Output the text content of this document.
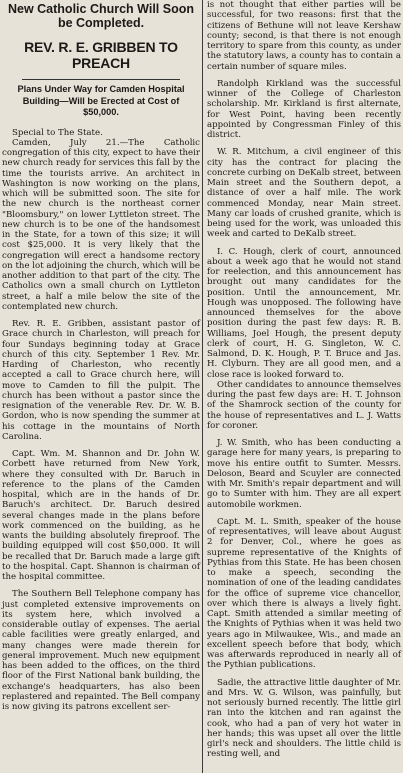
New Catholic Church Will Soon be Completed.
REV. R. E. GRIBBEN TO PREACH
Plans Under Way for Camden Hospital Building—Will be Erected at Cost of $50,000.

Special to The State.

Camden, July 21.—The Catholic congregation of this city, expect to have their new church ready for services this fall by the time the tourists arrive. An architect in Washington is now working on the plans, which will be submitted soon. The site for the new church is the northeast corner "Bloomsbury," on lower Lyttleton street. The new church is to be one of the handsomest in the State, for a town of this size; it will cost $25,000. It is very likely that the congregation will erect a handsome rectory on the lot adjoining the church, which will be another addition to that part of the city. The Catholics own a small church on Lyttleton street, a half a mile below the site of the contemplated new church.

Rev. R. E. Gribben, assistant pastor of Grace church in Charleston, will preach for four Sundays beginning today at Grace church of this city. September 1 Rev. Mr. Harding of Charleston, who recently accepted a call to Grace church here, will move to Camden to fill the pulpit. The church has been without a pastor since the resignation of the venerable Rev. Dr. W. B. Gordon, who is now spending the summer at his cottage in the mountains of North Carolina.

Capt. Wm. M. Shannon and Dr. John W. Corbett have returned from New York, where they consulted with Dr. Baruch in reference to the plans of the Camden hospital, which are in the hands of Dr. Baruch's architect. Dr. Baruch desired several changes made in the plans before work commenced on the building, as he wants the building absolutely fireproof. The building equipped will cost $50,000. It will be recalled that Dr. Baruch made a large gift to the hospital. Capt. Shannon is chairman of the hospital committee.

The Southern Bell Telephone company has just completed extensive improvements on its system here, which involved a considerable outlay of expenses. The aerial cable facilities were greatly enlarged, and many changes were made therein for general improvement. Much new equipment has been added to the offices, on the third floor of the First National bank building, the exchange's headquarters, has also been replastered and repainted. The Bell company is now giving its patrons excellent ser-

is not thought that either parties will be successful, for two reasons: first that the citizens of Bethune will not leave Kershaw county; second, is that there is not enough territory to spare from this county, as under the statutory laws, a county has to contain a certain number of square miles.

Randolph Kirkland was the successful winner of the College of Charleston scholarship. Mr. Kirkland is first alternate, for West Point, having been recently appointed by Congressman Finley of this district.

W. R. Mitchum, a civil engineer of this city has the contract for placing the concrete curbing on DeKalb street, between Main street and the Southern depot, a distance of over a half mile. The work commenced Monday, near Main street. Many car loads of crushed granite, which is being used for the work, was unloaded this week and carted to DeKalb street.

I. C. Hough, clerk of court, announced about a week ago that he would not stand for reelection, and this announcement has brought out many candidates for the position. Until the announcement, Mr. Hough was unopposed. The following have announced themselves for the above position during the past few days: R. B. Williams, Joel Hough, the present deputy clerk of court, H. G. Singleton, W. C. Salmond, D. K. Hough, P. T. Bruce and Jas. H. Clyburn. They are all good men, and a close race is looked forward to.

Other candidates to announce themselves during the past few days are: H. T. Johnson of the Shamrock section of the county for the house of representatives and L. J. Watts for coroner.

J. W. Smith, who has been conducting a garage here for many years, is preparing to move his entire outfit to Sumter. Messrs. Deloson, Beard and Scuyler are connected with Mr. Smith's repair department and will go to Sumter with him. They are all expert automobile workmen.

Capt. M. L. Smith, speaker of the house of representatives, will leave about August 2 for Denver, Col., where he goes as supreme representative of the Knights of Pythias from this State. He has been chosen to make a speech, seconding the nomination of one of the leading candidates for the office of supreme vice chancellor, over which there is always a lively fight. Capt. Smith attended a similar meeting of the Knights of Pythias when it was held two years ago in Milwaukee, Wis., and made an excellent speech before that body, which was afterwards reproduced in nearly all of the Pythian publications.

Sadie, the attractive little daughter of Mr. and Mrs. W. G. Wilson, was painfully, but not seriously burned recently. The little girl ran into the kitchen and ran against the cook, who had a pan of very hot water in her hands; this was upset all over the little girl's neck and shoulders. The little child is resting well, and
